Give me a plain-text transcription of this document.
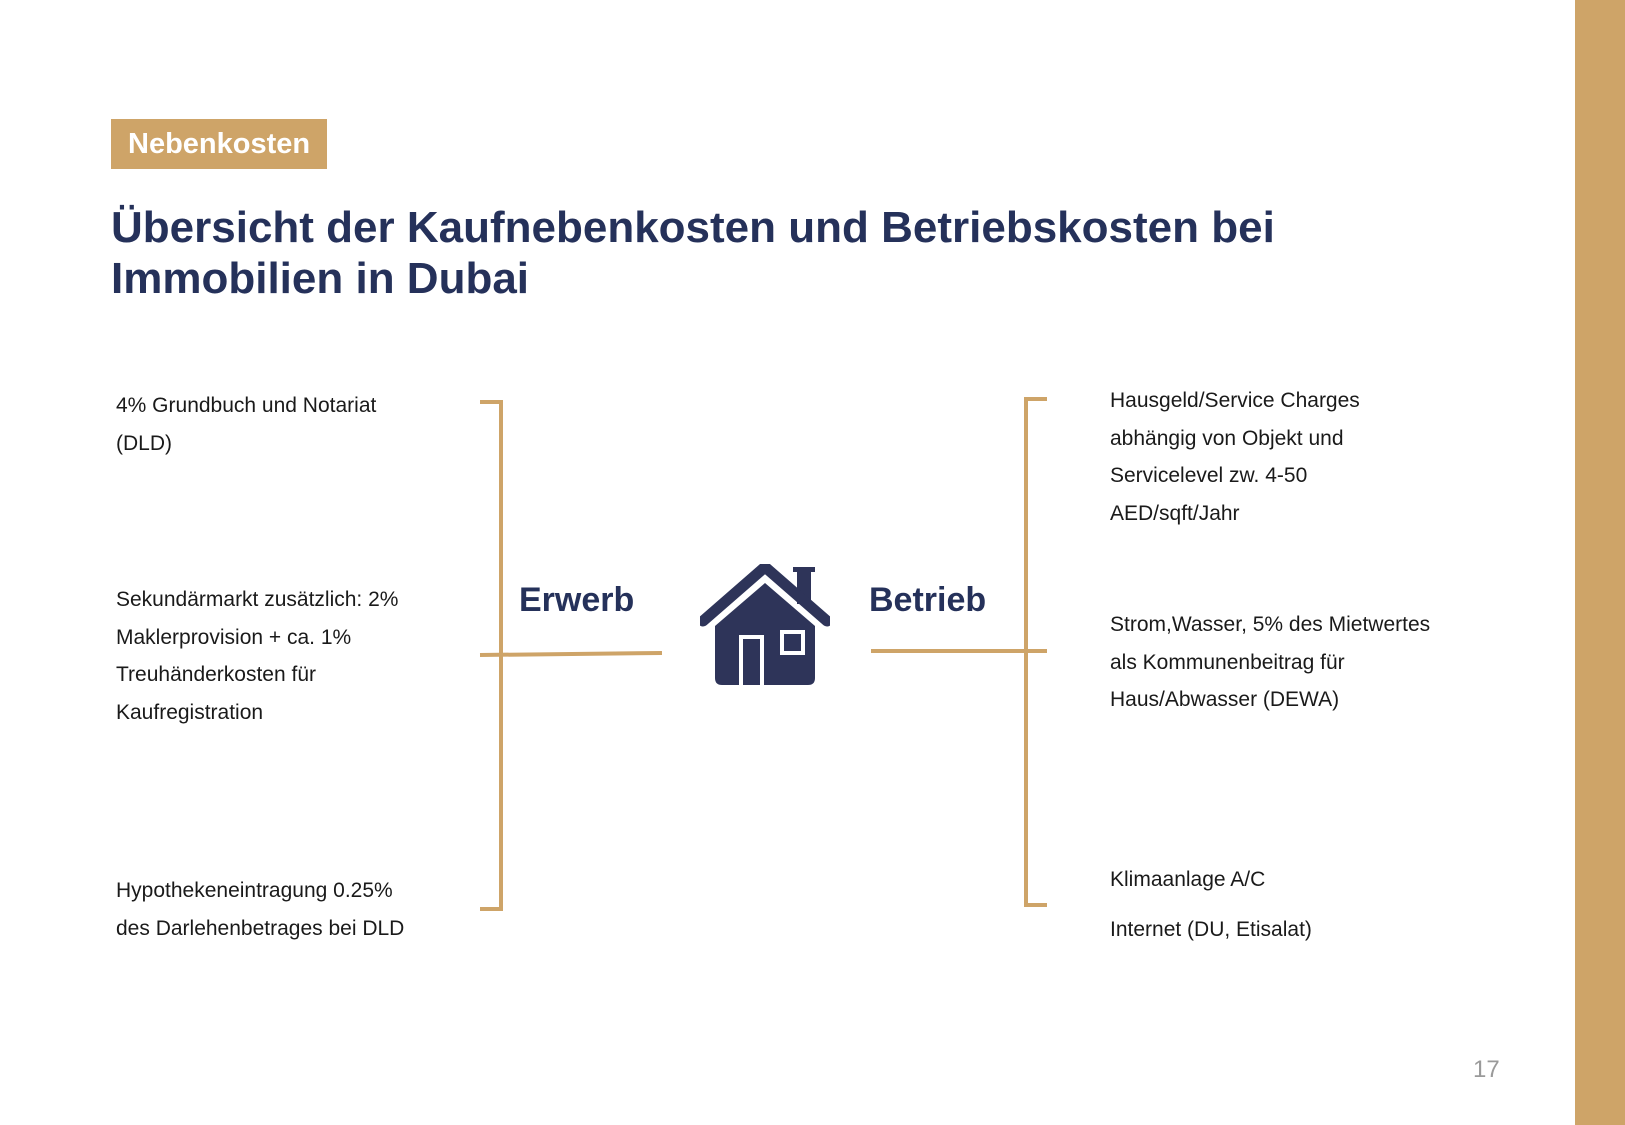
Nebenkosten
Übersicht der Kaufnebenkosten und Betriebskosten bei
Immobilien in Dubai

4% Grundbuch und Notariat
(DLD)

Sekundärmarkt zusätzlich: 2%
Maklerprovision + ca. 1%
Treuhänderkosten für
Kaufregistration

Hypothekeneintragung 0.25%
des Darlehenbetrages bei DLD

Erwerb	Betrieb

Hausgeld/Service Charges
abhängig von Objekt und
Servicelevel zw. 4-50
AED/sqft/Jahr

Strom,Wasser, 5% des Mietwertes
als Kommunenbeitrag für
Haus/Abwasser (DEWA)

Klimaanlage A/C

Internet (DU, Etisalat)

17
